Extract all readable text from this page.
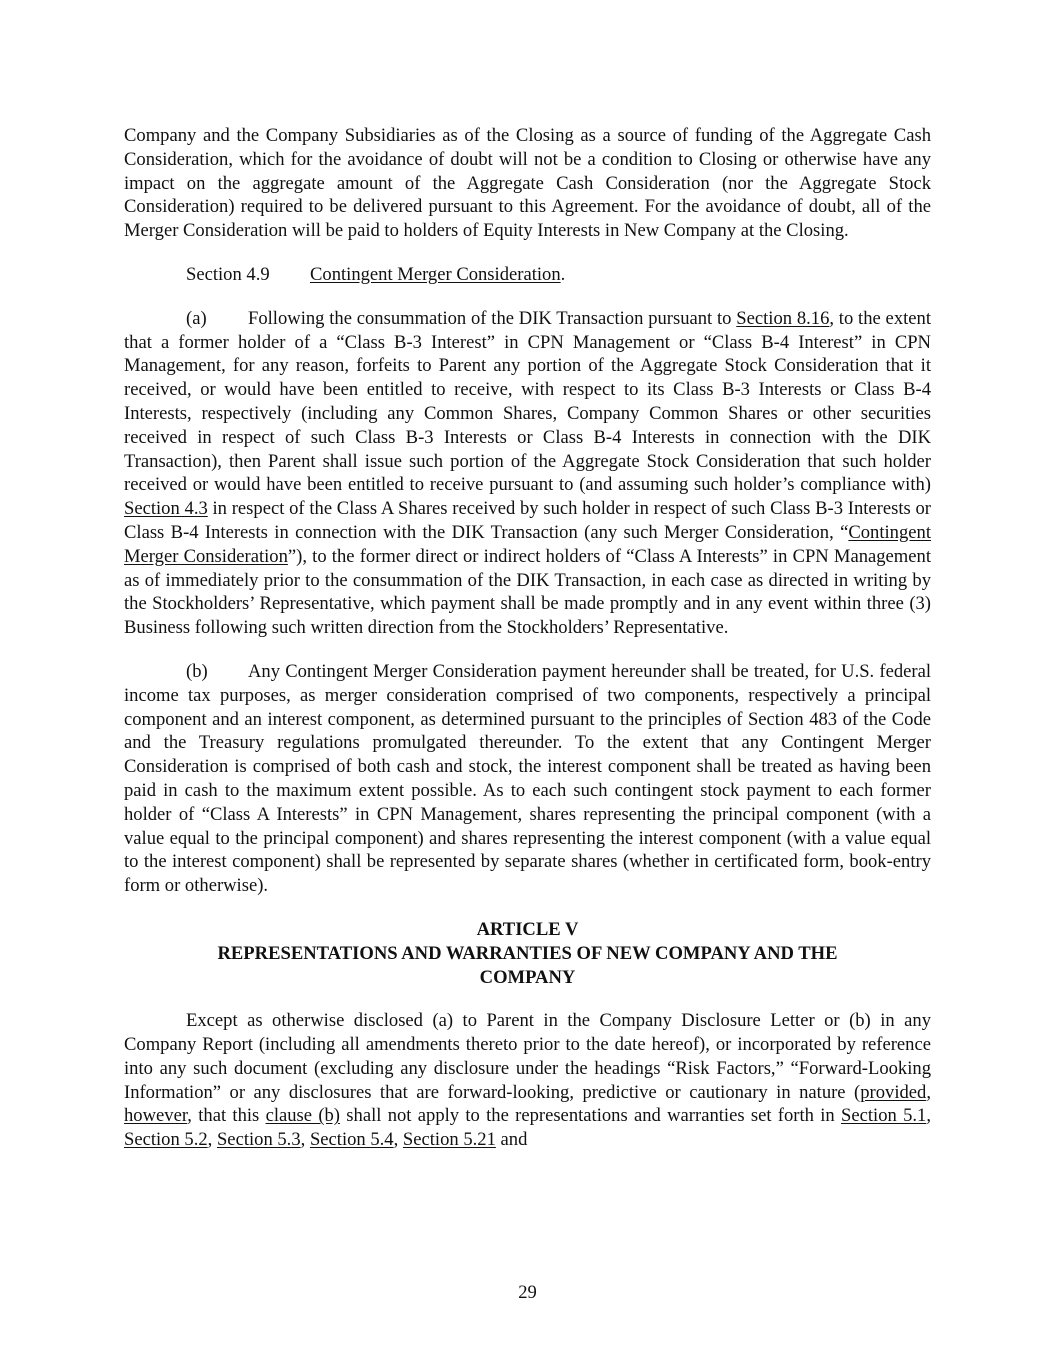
Company and the Company Subsidiaries as of the Closing as a source of funding of the Aggregate Cash Consideration, which for the avoidance of doubt will not be a condition to Closing or otherwise have any impact on the aggregate amount of the Aggregate Cash Consideration (nor the Aggregate Stock Consideration) required to be delivered pursuant to this Agreement. For the avoidance of doubt, all of the Merger Consideration will be paid to holders of Equity Interests in New Company at the Closing.

Section 4.9 Contingent Merger Consideration.

(a) Following the consummation of the DIK Transaction pursuant to Section 8.16, to the extent that a former holder of a “Class B-3 Interest” in CPN Management or “Class B-4 Interest” in CPN Management, for any reason, forfeits to Parent any portion of the Aggregate Stock Consideration that it received, or would have been entitled to receive, with respect to its Class B-3 Interests or Class B-4 Interests, respectively (including any Common Shares, Company Common Shares or other securities received in respect of such Class B-3 Interests or Class B-4 Interests in connection with the DIK Transaction), then Parent shall issue such portion of the Aggregate Stock Consideration that such holder received or would have been entitled to receive pursuant to (and assuming such holder’s compliance with) Section 4.3 in respect of the Class A Shares received by such holder in respect of such Class B-3 Interests or Class B-4 Interests in connection with the DIK Transaction (any such Merger Consideration, “Contingent Merger Consideration”), to the former direct or indirect holders of “Class A Interests” in CPN Management as of immediately prior to the consummation of the DIK Transaction, in each case as directed in writing by the Stockholders’ Representative, which payment shall be made promptly and in any event within three (3) Business following such written direction from the Stockholders’ Representative.

(b) Any Contingent Merger Consideration payment hereunder shall be treated, for U.S. federal income tax purposes, as merger consideration comprised of two components, respectively a principal component and an interest component, as determined pursuant to the principles of Section 483 of the Code and the Treasury regulations promulgated thereunder. To the extent that any Contingent Merger Consideration is comprised of both cash and stock, the interest component shall be treated as having been paid in cash to the maximum extent possible. As to each such contingent stock payment to each former holder of “Class A Interests” in CPN Management, shares representing the principal component (with a value equal to the principal component) and shares representing the interest component (with a value equal to the interest component) shall be represented by separate shares (whether in certificated form, book-entry form or otherwise).

ARTICLE V
REPRESENTATIONS AND WARRANTIES OF NEW COMPANY AND THE
COMPANY

Except as otherwise disclosed (a) to Parent in the Company Disclosure Letter or (b) in any Company Report (including all amendments thereto prior to the date hereof), or incorporated by reference into any such document (excluding any disclosure under the headings “Risk Factors,” “Forward-Looking Information” or any disclosures that are forward-looking, predictive or cautionary in nature (provided, however, that this clause (b) shall not apply to the representations and warranties set forth in Section 5.1, Section 5.2, Section 5.3, Section 5.4, Section 5.21 and

29
